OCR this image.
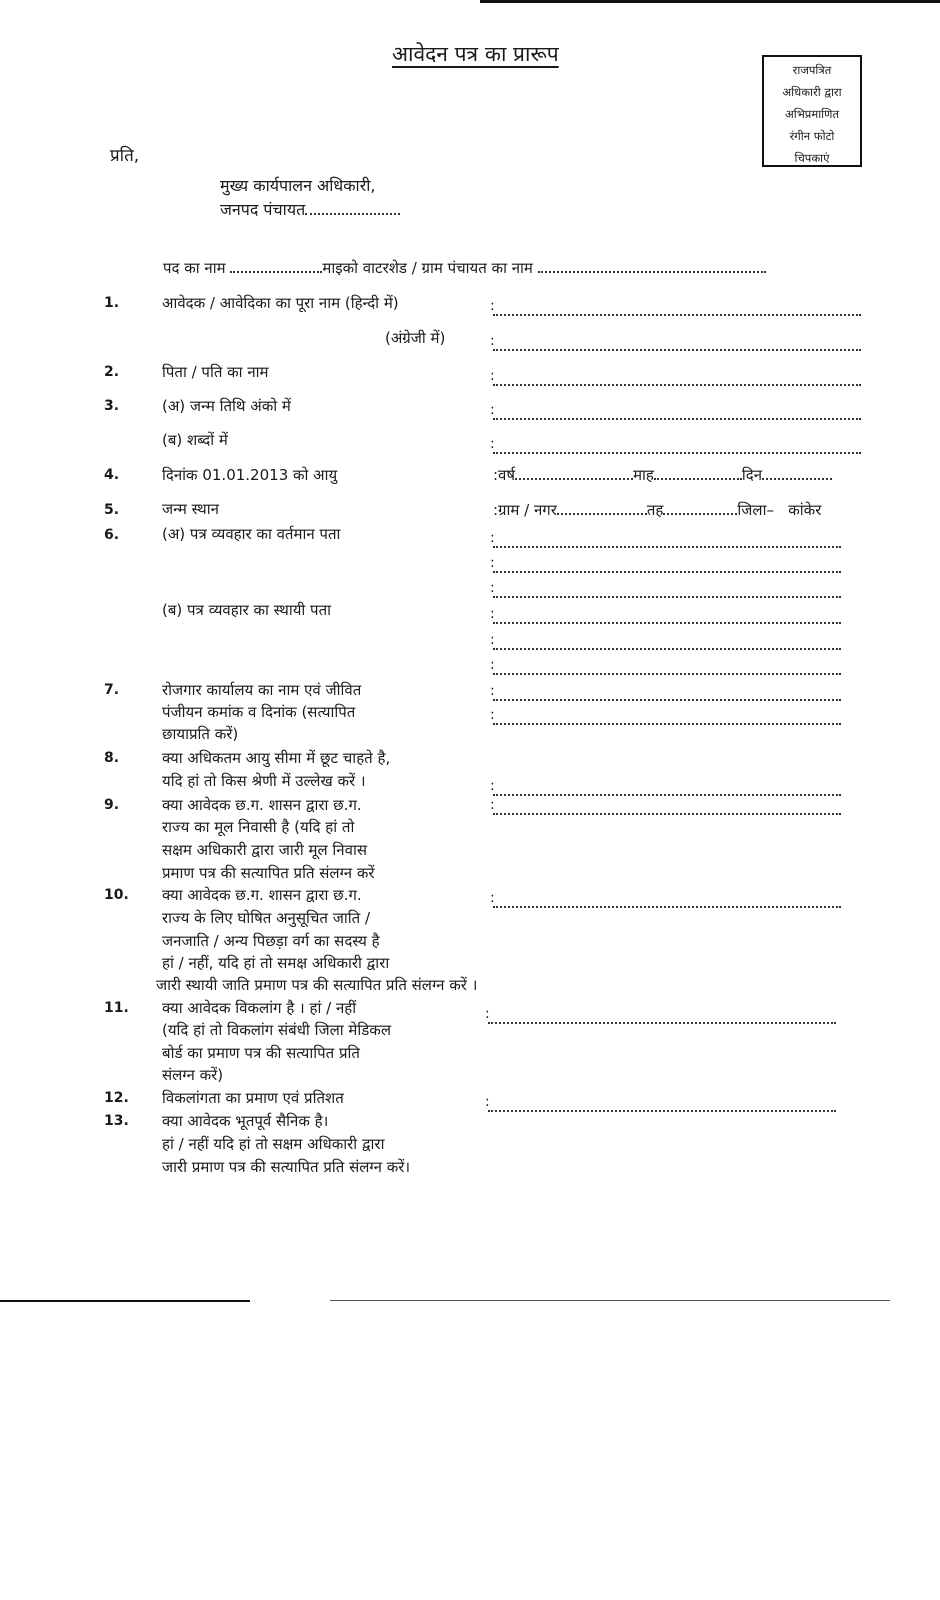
आवेदन पत्र का प्रारूप
राजपत्रित
अधिकारी द्वारा
अभिप्रमाणित
रंगीन फोटो
चिपकाएं
प्रति,
मुख्य कार्यपालन अधिकारी,
जनपद पंचायत
पद का नाम	माइको वाटरशेड / ग्राम पंचायत का नाम
1.	आवेदक / आवेदिका का पूरा नाम (हिन्दी में)
:
(अंग्रेजी में)
:
2.	पिता / पति का नाम
:
3.	(अ) जन्म तिथि अंको में
:
(ब) शब्दों में
:
4.	दिनांक 01.01.2013 को आयु	:वर्ष	माह	दिन
5.	जन्म स्थान	:ग्राम / नगर	तह	जिला– कांकेर
6.	(अ) पत्र व्यवहार का वर्तमान पता
:
:
:
(ब) पत्र व्यवहार का स्थायी पता
:
:
:
7.	रोजगार कार्यालय का नाम एवं जीवित
पंजीयन कमांक व दिनांक (सत्यापित
छायाप्रति करें)
:
:
8.	क्या अधिकतम आयु सीमा में छूट चाहते है,
यदि हां तो किस श्रेणी में उल्लेख करें ।
:
9.	क्या आवेदक छ.ग. शासन द्वारा छ.ग.
राज्य का मूल निवासी है (यदि हां तो
सक्षम अधिकारी द्वारा जारी मूल निवास
प्रमाण पत्र की सत्यापित प्रति संलग्न करें
:
10. क्या आवेदक छ.ग. शासन द्वारा छ.ग.
राज्य के लिए घोषित अनुसूचित जाति /
जनजाति / अन्य पिछड़ा वर्ग का सदस्य है
हां / नहीं, यदि हां तो समक्ष अधिकारी द्वारा
जारी स्थायी जाति प्रमाण पत्र की सत्यापित प्रति संलग्न करें ।
:
11. क्या आवेदक विकलांग है । हां / नहीं
(यदि हां तो विकलांग संबंधी जिला मेडिकल
बोर्ड का प्रमाण पत्र की सत्यापित प्रति
संलग्न करें)
:
12. विकलांगता का प्रमाण एवं प्रतिशत
:
13. क्या आवेदक भूतपूर्व सैनिक है।
हां / नहीं यदि हां तो सक्षम अधिकारी द्वारा
जारी प्रमाण पत्र की सत्यापित प्रति संलग्न करें।
